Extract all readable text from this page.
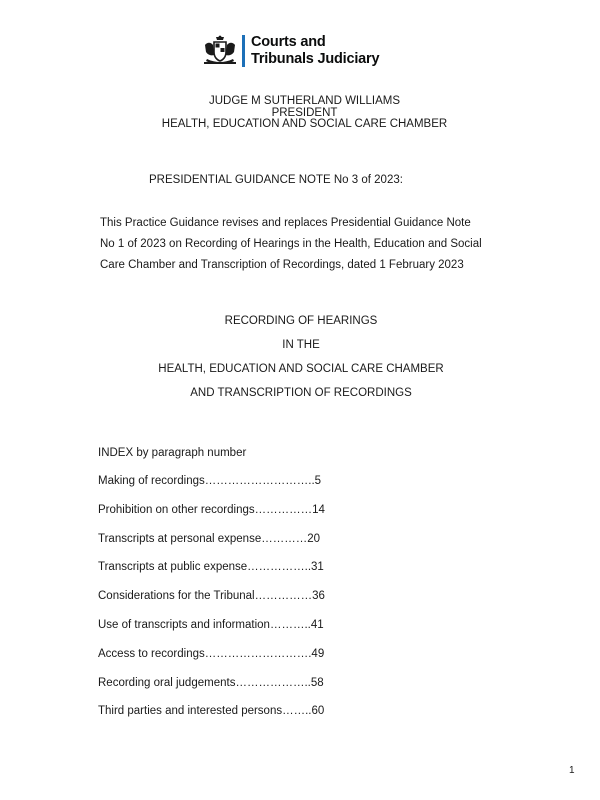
Courts and
Tribunals Judiciary
JUDGE M SUTHERLAND WILLIAMS
PRESIDENT
HEALTH, EDUCATION AND SOCIAL CARE CHAMBER
PRESIDENTIAL GUIDANCE NOTE No 3 of 2023:
This Practice Guidance revises and replaces Presidential Guidance Note
No 1 of 2023 on Recording of Hearings in the Health, Education and Social
Care Chamber and Transcription of Recordings, dated 1 February 2023
RECORDING OF HEARINGS
IN THE
HEALTH, EDUCATION AND SOCIAL CARE CHAMBER
AND TRANSCRIPTION OF RECORDINGS
INDEX by paragraph number
Making of recordings………………………..5
Prohibition on other recordings……………14
Transcripts at personal expense…………20
Transcripts at public expense……………..31
Considerations for the Tribunal……………36
Use of transcripts and information………..41
Access to recordings……………………….49
Recording oral judgements………………..58
Third parties and interested persons……..60
1
